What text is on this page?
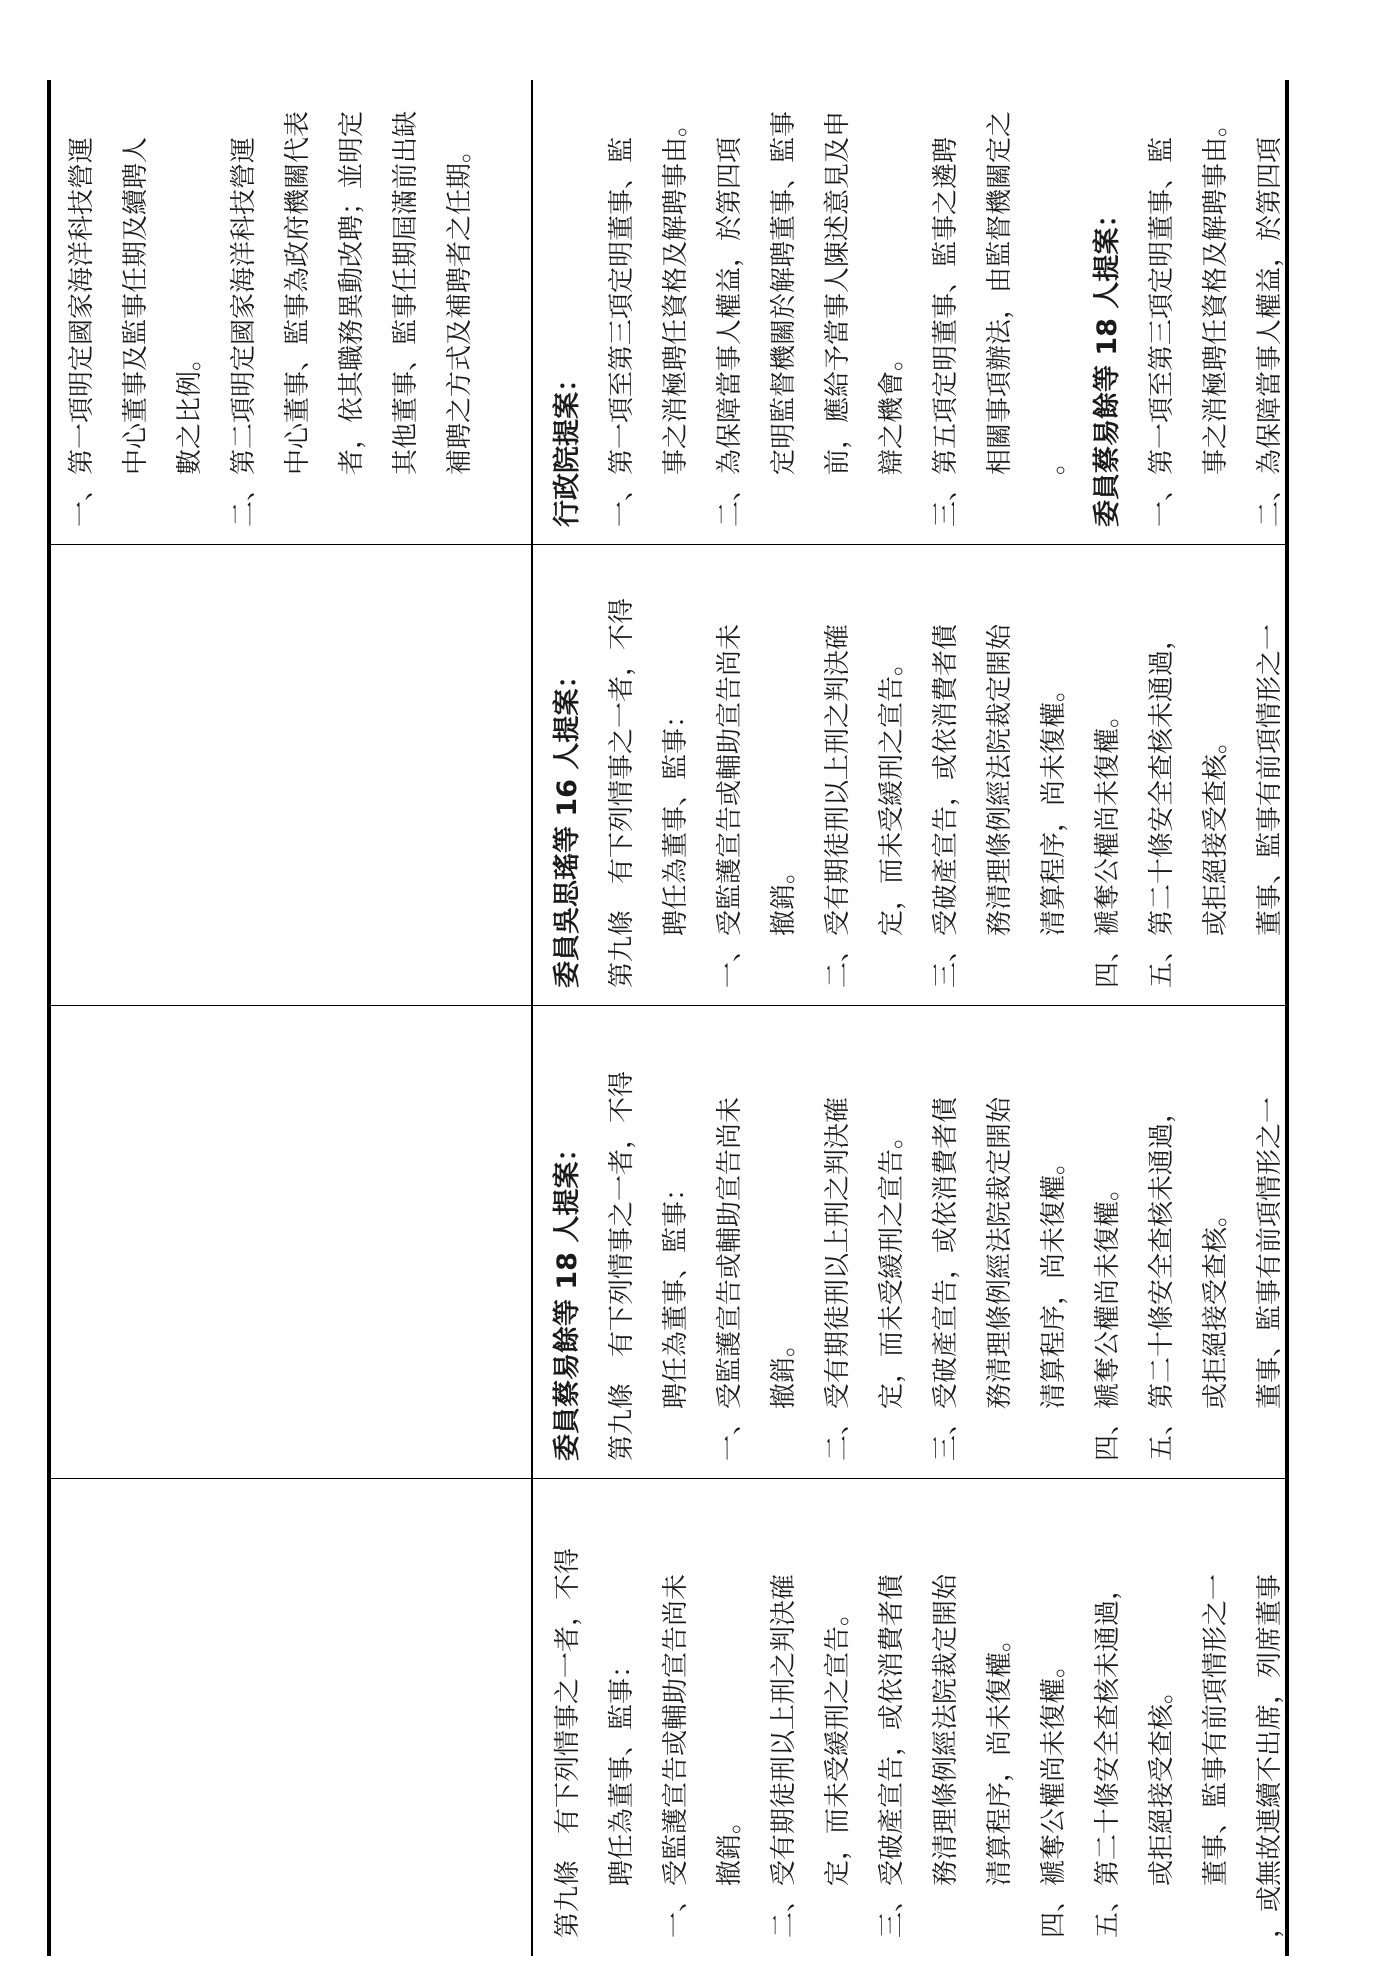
第九條　有下列情事之一者，不得 聘任為董事、監事： 一、受監護宣告或輔助宣告尚未 撤銷。 二、受有期徒刑以上刑之判決確 定，而未受緩刑之宣告。 三、受破產宣告，或依消費者債 務清理條例經法院裁定開始 清算程序，尚未復權。 四、褫奪公權尚未復權。 五、第二十條安全查核未通過， 或拒絕接受查核。 董事、監事有前項情形之一 ，或無故連續不出席，列席董事
委員蔡易餘等 18 人提案： 第九條　有下列情事之一者，不得 聘任為董事、監事： 一、受監護宣告或輔助宣告尚未 撤銷。 二、受有期徒刑以上刑之判決確 定，而未受緩刑之宣告。 三、受破產宣告，或依消費者債 務清理條例經法院裁定開始 清算程序，尚未復權。 四、褫奪公權尚未復權。 五、第二十條安全查核未通過， 或拒絕接受查核。 董事、監事有前項情形之一
委員吳思瑤等 16 人提案： 第九條　有下列情事之一者，不得 聘任為董事、監事： 一、受監護宣告或輔助宣告尚未 撤銷。 二、受有期徒刑以上刑之判決確 定，而未受緩刑之宣告。 三、受破產宣告，或依消費者債 務清理條例經法院裁定開始 清算程序，尚未復權。 四、褫奪公權尚未復權。 五、第二十條安全查核未通過， 或拒絕接受查核。 董事、監事有前項情形之一
一、第一項明定國家海洋科技營運 中心董事及監事任期及續聘人 數之比例。 二、第二項明定國家海洋科技營運 中心董事、監事為政府機關代表 者，依其職務異動改聘；並明定 其他董事、監事任期屆滿前出缺 補聘之方式及補聘者之任期。	行政院提案： 一、第一項至第三項定明董事、監 事之消極聘任資格及解聘事由。 二、為保障當事人權益，於第四項 定明監督機關於解聘董事、監事 前，應給予當事人陳述意見及申 辯之機會。 三、第五項定明董事、監事之遴聘 相關事項辦法，由監督機關定之 。 委員蔡易餘等 18 人提案： 一、第一項至第三項定明董事、監 事之消極聘任資格及解聘事由。 二、為保障當事人權益，於第四項
